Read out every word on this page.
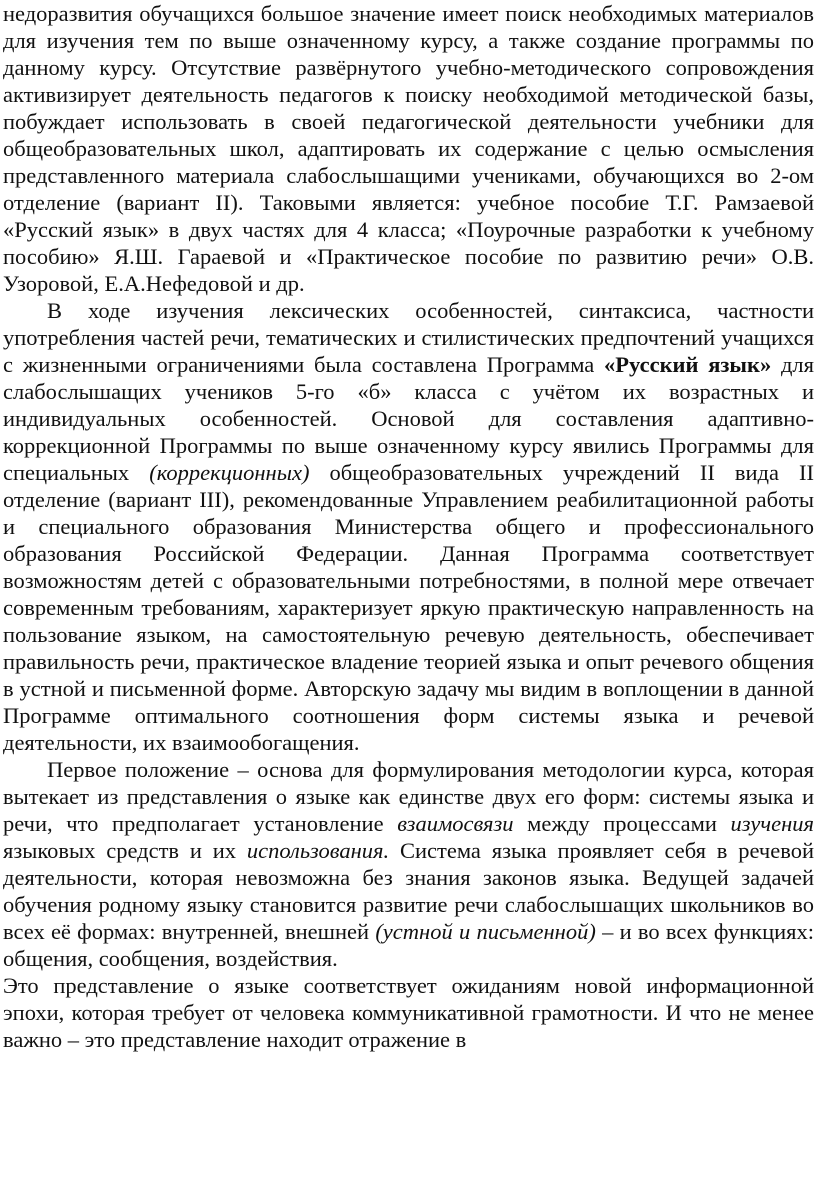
недоразвития обучащихся большое значение имеет поиск необходимых материалов для изучения тем по выше означенному курсу, а также создание программы по данному курсу. Отсутствие развёрнутого учебно-методического сопровождения активизирует деятельность педагогов к поиску необходимой методической базы, побуждает использовать в своей педагогической деятельности учебники для общеобразовательных школ, адаптировать их содержание с целью осмысления представленного материала слабослышащими учениками, обучающихся во 2-ом отделение (вариант II). Таковыми является: учебное пособие Т.Г. Рамзаевой «Русский язык» в двух частях для 4 класса; «Поурочные разработки к учебному пособию» Я.Ш. Гараевой и «Практическое пособие по развитию речи» О.В. Узоровой, Е.А.Нефедовой и др.

В ходе изучения лексических особенностей, синтаксиса, частности употребления частей речи, тематических и стилистических предпочтений учащихся с жизненными ограничениями была составлена Программа «Русский язык» для слабослышащих учеников 5-го «б» класса с учётом их возрастных и индивидуальных особенностей. Основой для составления адаптивно-коррекционной Программы по выше означенному курсу явились Программы для специальных (коррекционных) общеобразовательных учреждений II вида II отделение (вариант III), рекомендованные Управлением реабилитационной работы и специального образования Министерства общего и профессионального образования Российской Федерации. Данная Программа соответствует возможностям детей с образовательными потребностями, в полной мере отвечает современным требованиям, характеризует яркую практическую направленность на пользование языком, на самостоятельную речевую деятельность, обеспечивает правильность речи, практическое владение теорией языка и опыт речевого общения в устной и письменной форме. Авторскую задачу мы видим в воплощении в данной Программе оптимального соотношения форм системы языка и речевой деятельности, их взаимообогащения.

Первое положение – основа для формулирования методологии курса, которая вытекает из представления о языке как единстве двух его форм: системы языка и речи, что предполагает установление взаимосвязи между процессами изучения языковых средств и их использования. Система языка проявляет себя в речевой деятельности, которая невозможна без знания законов языка. Ведущей задачей обучения родному языку становится развитие речи слабослышащих школьников во всех её формах: внутренней, внешней (устной и письменной) – и во всех функциях: общения, сообщения, воздействия.

Это представление о языке соответствует ожиданиям новой информационной эпохи, которая требует от человека коммуникативной грамотности. И что не менее важно – это представление находит отражение в
